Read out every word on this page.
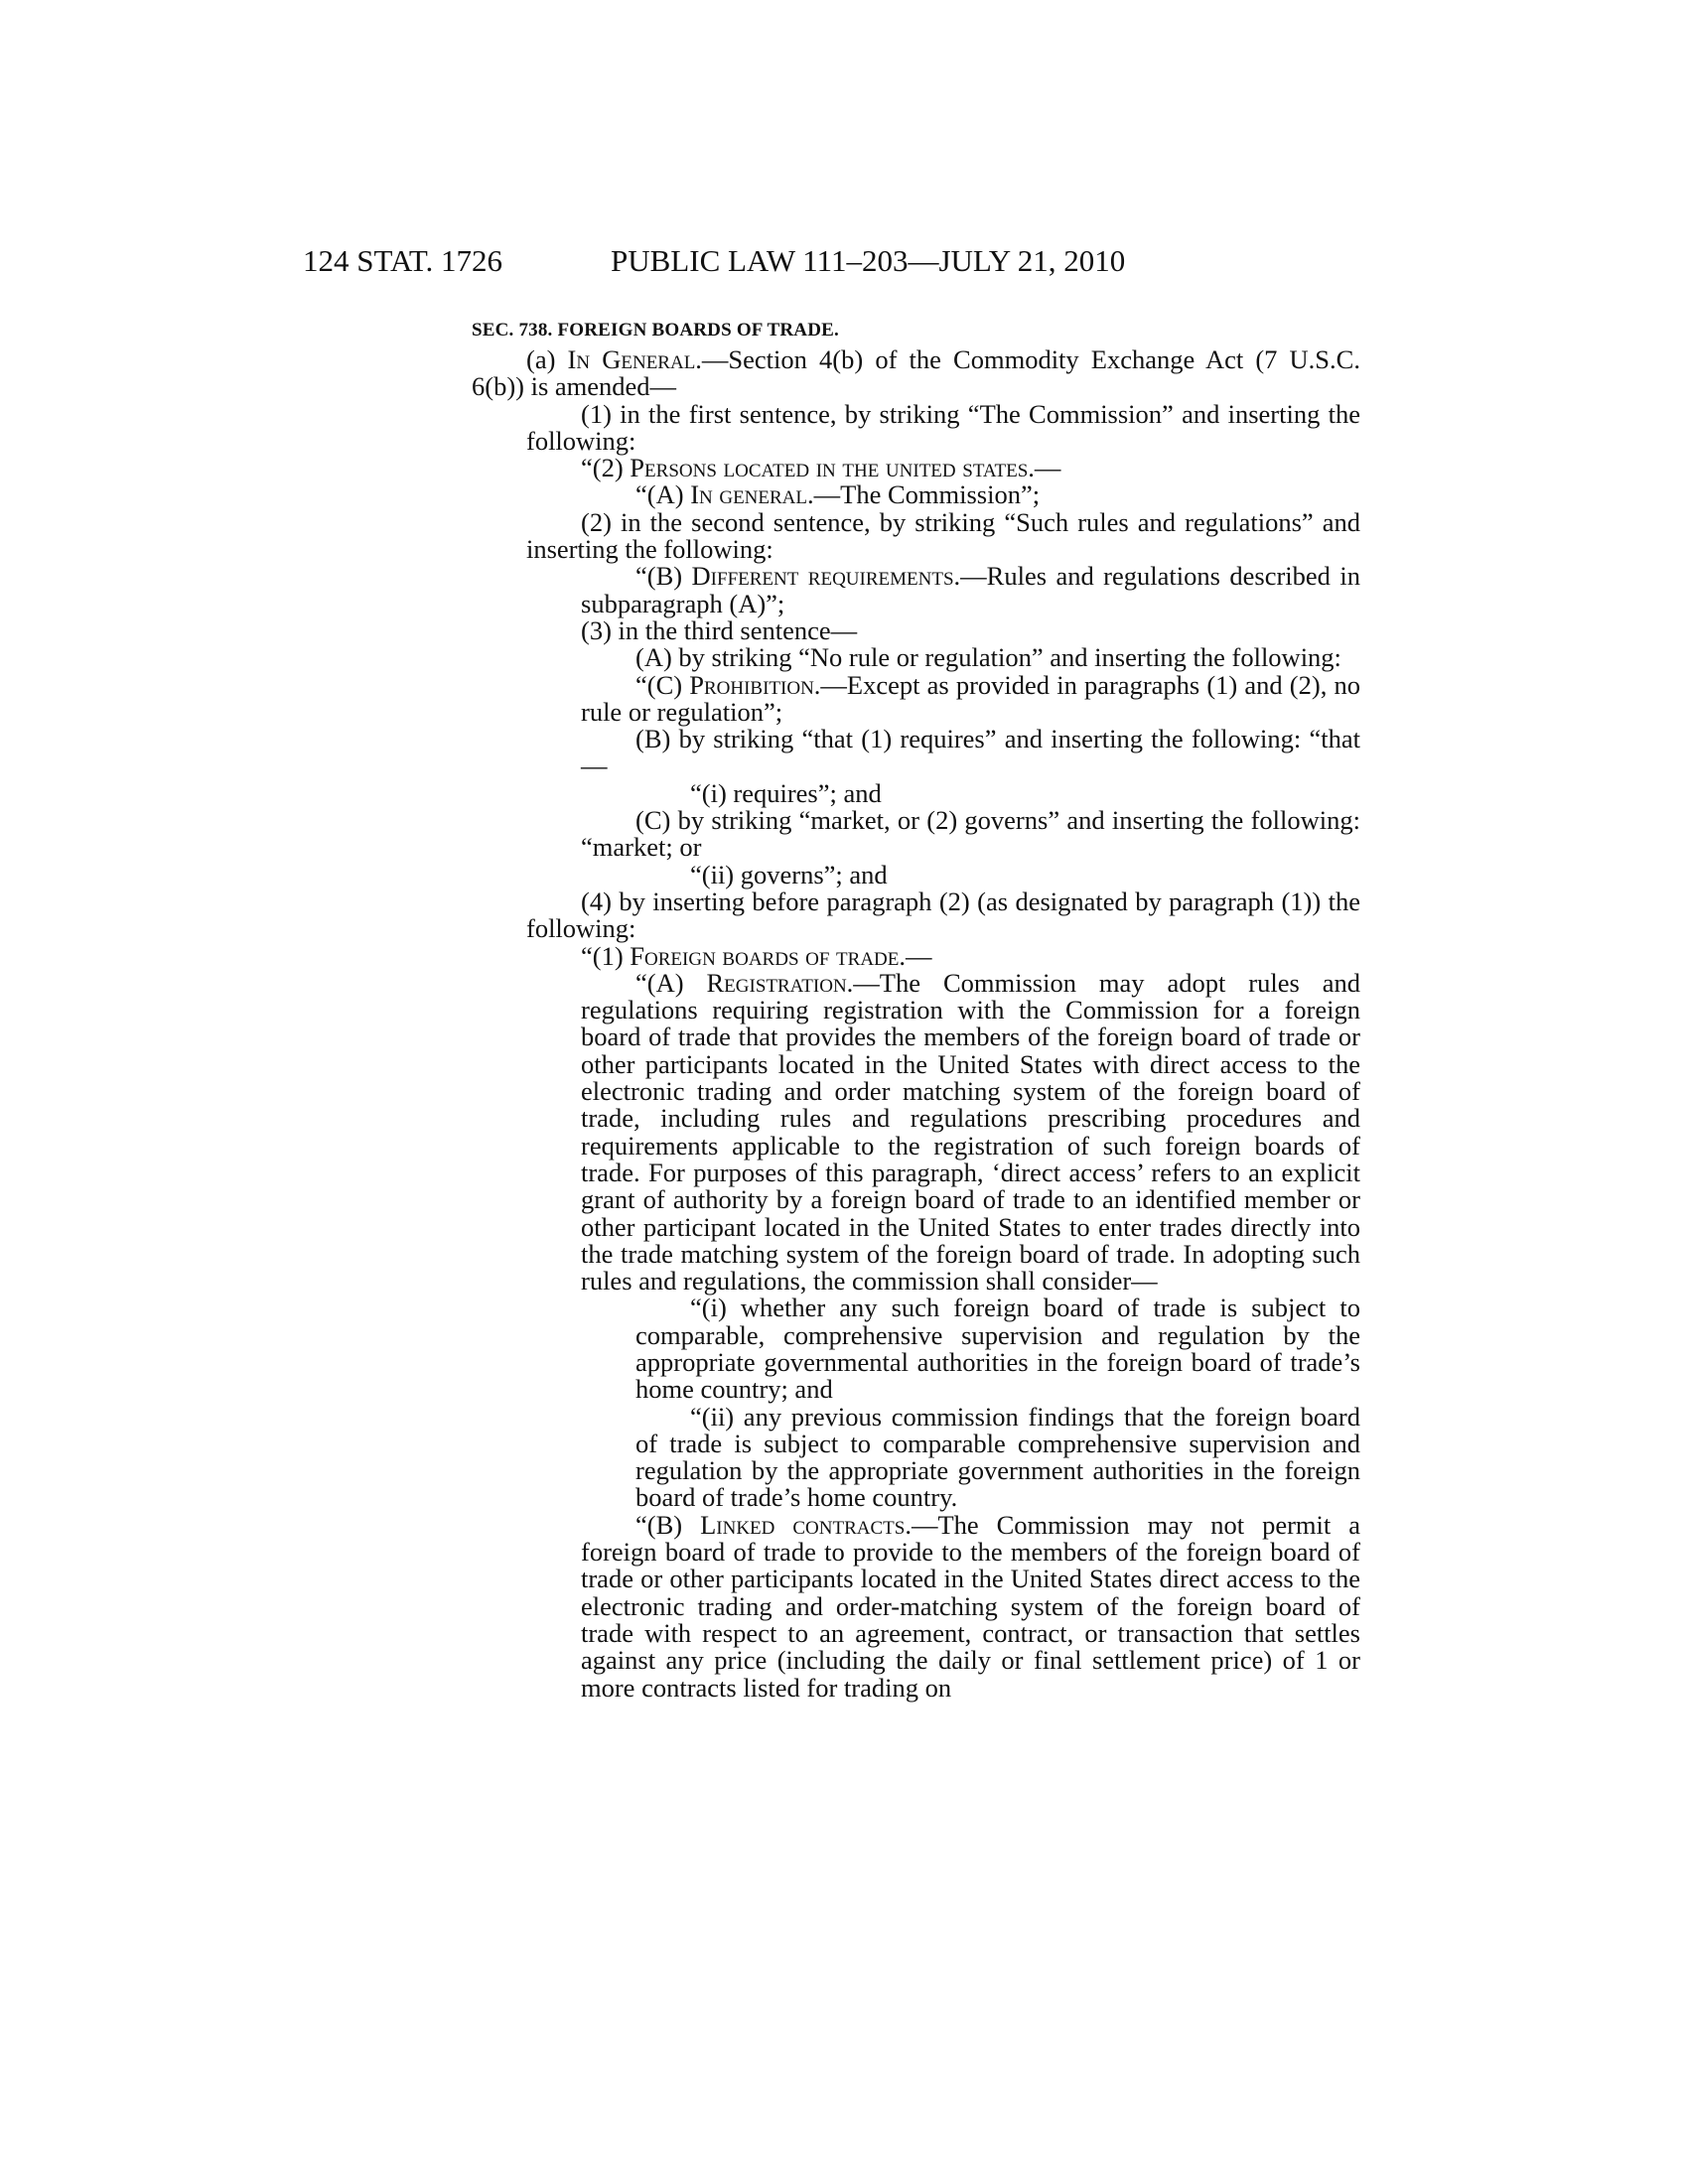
124 STAT. 1726	PUBLIC LAW 111–203—JULY 21, 2010
SEC. 738. FOREIGN BOARDS OF TRADE.

(a) In General.—Section 4(b) of the Commodity Exchange Act (7 U.S.C. 6(b)) is amended—

(1) in the first sentence, by striking “The Commission” and inserting the following:

“(2) Persons located in the united states.—

“(A) In general.—The Commission”;

(2) in the second sentence, by striking “Such rules and regulations” and inserting the following:

“(B) Different requirements.—Rules and regulations described in subparagraph (A)”;

(3) in the third sentence—

(A) by striking “No rule or regulation” and inserting the following:

“(C) Prohibition.—Except as provided in paragraphs (1) and (2), no rule or regulation”;

(B) by striking “that (1) requires” and inserting the following: “that—

“(i) requires”; and

(C) by striking “market, or (2) governs” and inserting the following: “market; or

“(ii) governs”; and

(4) by inserting before paragraph (2) (as designated by paragraph (1)) the following:

“(1) Foreign boards of trade.—

“(A) Registration.—The Commission may adopt rules and regulations requiring registration with the Commission for a foreign board of trade that provides the members of the foreign board of trade or other participants located in the United States with direct access to the electronic trading and order matching system of the foreign board of trade, including rules and regulations prescribing procedures and requirements applicable to the registration of such foreign boards of trade. For purposes of this paragraph, ‘direct access’ refers to an explicit grant of authority by a foreign board of trade to an identified member or other participant located in the United States to enter trades directly into the trade matching system of the foreign board of trade. In adopting such rules and regulations, the commission shall consider—

“(i) whether any such foreign board of trade is subject to comparable, comprehensive supervision and regulation by the appropriate governmental authorities in the foreign board of trade’s home country; and

“(ii) any previous commission findings that the foreign board of trade is subject to comparable comprehensive supervision and regulation by the appropriate government authorities in the foreign board of trade’s home country.

“(B) Linked contracts.—The Commission may not permit a foreign board of trade to provide to the members of the foreign board of trade or other participants located in the United States direct access to the electronic trading and order-matching system of the foreign board of trade with respect to an agreement, contract, or transaction that settles against any price (including the daily or final settlement price) of 1 or more contracts listed for trading on
